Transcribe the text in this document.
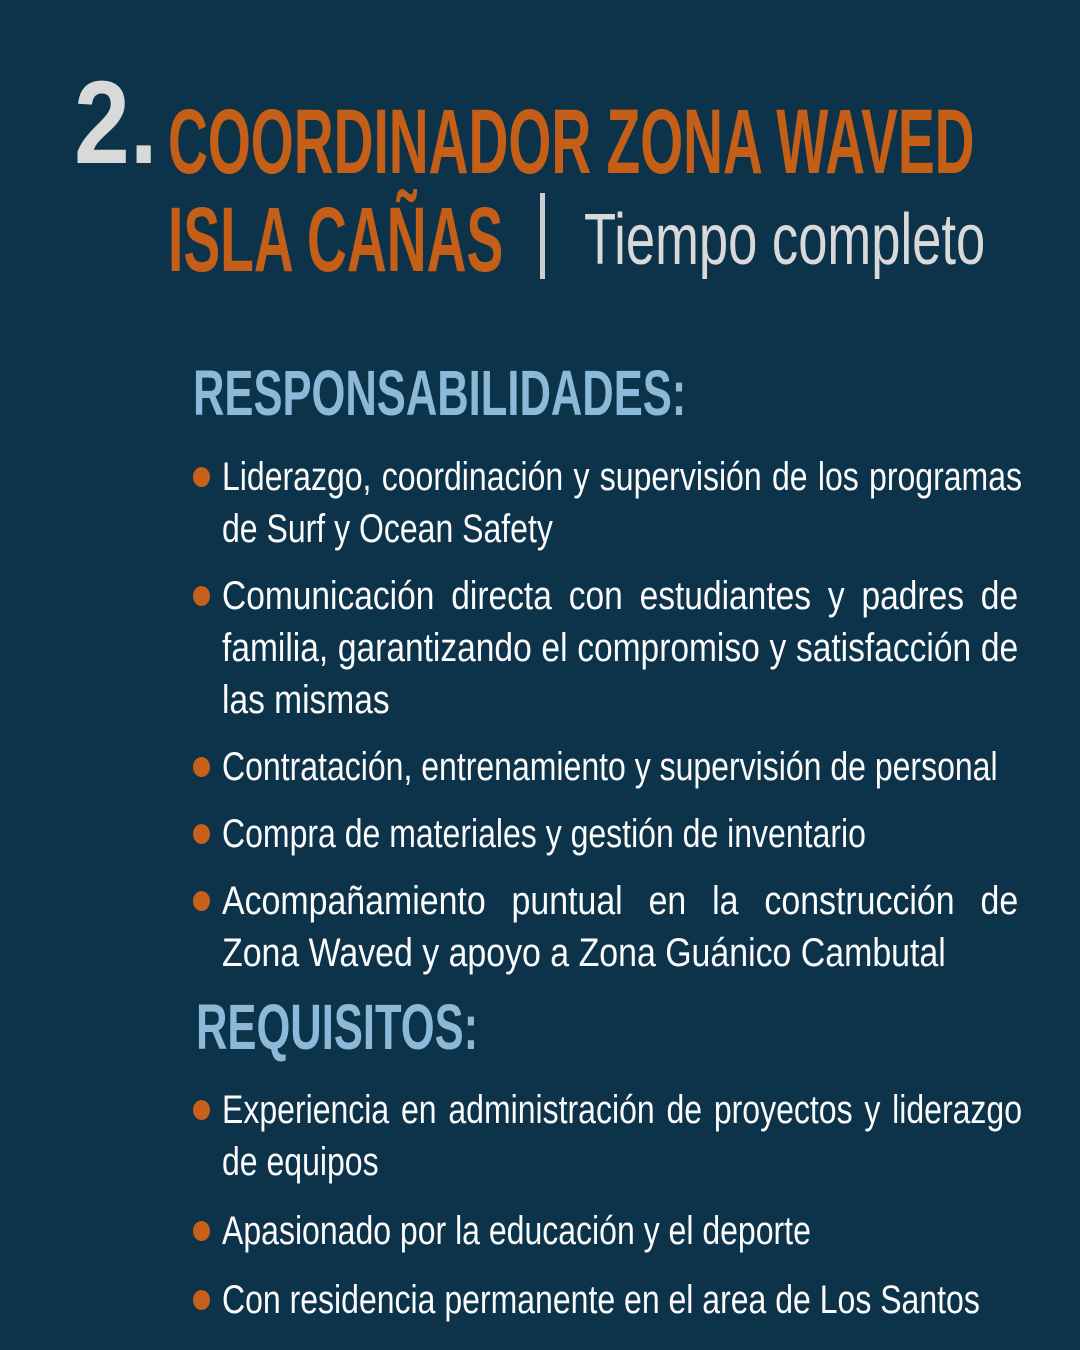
2. COORDINADOR ZONA WAVED
ISLA CAÑAS Tiempo completo
RESPONSABILIDADES:
Liderazgo, coordinación y supervisión de los programas de Surf y Ocean Safety
Comunicación directa con estudiantes y padres de familia, garantizando el compromiso y satisfacción de las mismas
Contratación, entrenamiento y supervisión de personal
Compra de materiales y gestión de inventario
Acompañamiento puntual en la construcción de Zona Waved y apoyo a Zona Guánico Cambutal
REQUISITOS:
Experiencia en administración de proyectos y liderazgo de equipos
Apasionado por la educación y el deporte
Con residencia permanente en el area de Los Santos
